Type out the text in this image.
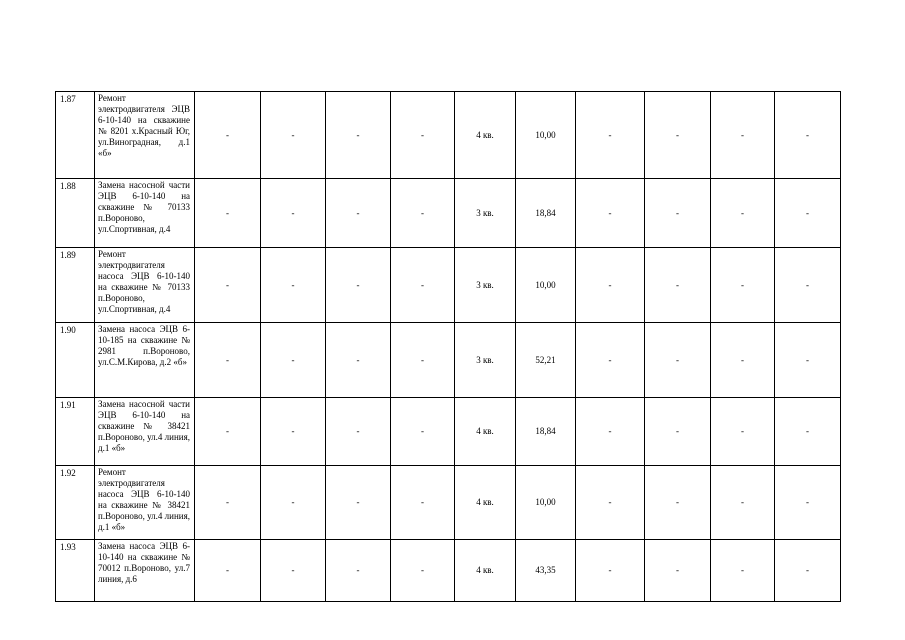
1.87	Ремонт электродвигателя ЭЦВ 6-10-140 на скважине № 8201 х.Красный Юг, ул.Виноградная, д.1 «б»	-	-	-	-	4 кв.	10,00	-	-	-	-
1.88	Замена насосной части ЭЦВ 6-10-140 на скважине № 70133 п.Вороново, ул.Спортивная, д.4	-	-	-	-	3 кв.	18,84	-	-	-	-
1.89	Ремонт электродвигателя насоса ЭЦВ 6-10-140 на скважине № 70133 п.Вороново, ул.Спортивная, д.4	-	-	-	-	3 кв.	10,00	-	-	-	-
1.90	Замена насоса ЭЦВ 6-10-185 на скважине № 2981 п.Вороново, ул.С.М.Кирова, д.2 «б»	-	-	-	-	3 кв.	52,21	-	-	-	-
1.91	Замена насосной части ЭЦВ 6-10-140 на скважине № 38421 п.Вороново, ул.4 линия, д.1 «б»	-	-	-	-	4 кв.	18,84	-	-	-	-
1.92	Ремонт электродвигателя насоса ЭЦВ 6-10-140 на скважине № 38421 п.Вороново, ул.4 линия, д.1 «б»	-	-	-	-	4 кв.	10,00	-	-	-	-
1.93	Замена насоса ЭЦВ 6-10-140 на скважине № 70012 п.Вороново, ул.7 линия, д.6	-	-	-	-	4 кв.	43,35	-	-	-	-
